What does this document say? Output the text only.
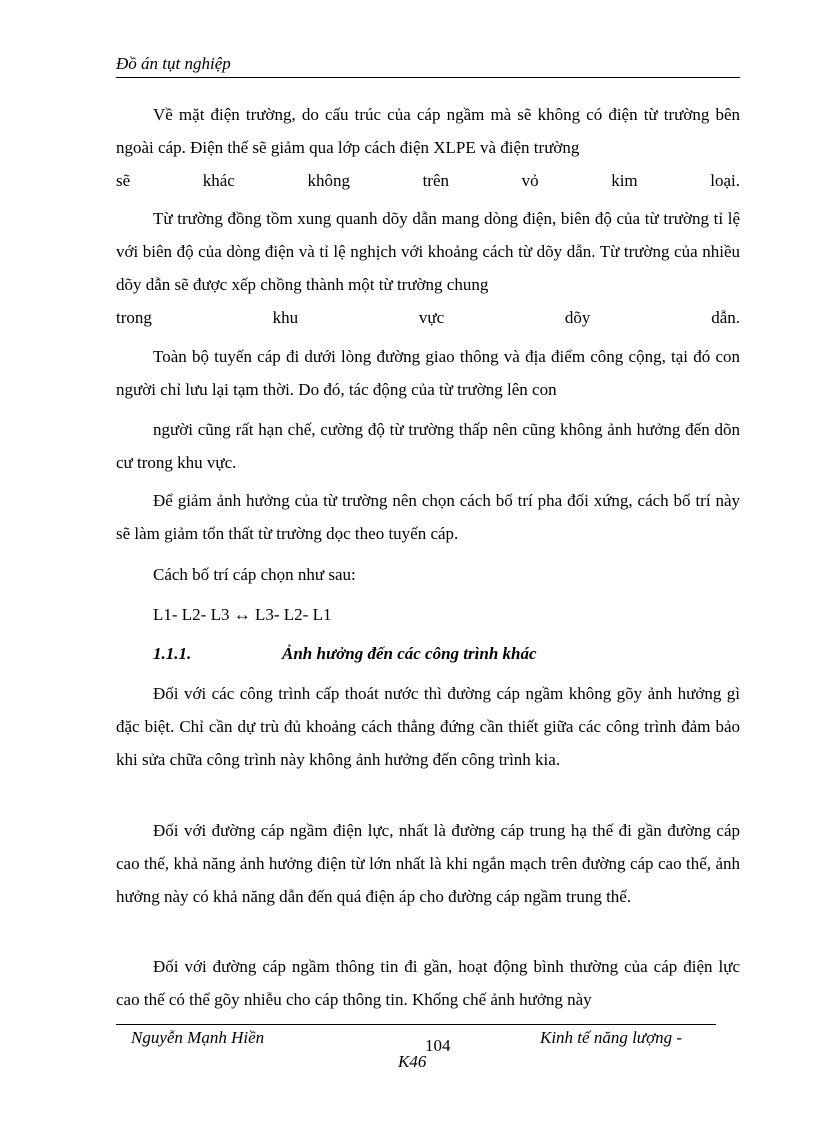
Đồ án tụt nghiệp
Về mặt điện trường, do cấu trúc của cáp ngầm mà sẽ không có điện từ trường bên ngoài cáp. Điện thế sẽ giảm qua lớp cách điện XLPE và điện trường
sẽ khác không trên vỏ kim loại.
Từ trường đồng tồm xung quanh dõy dẫn mang dòng điện, biên độ của từ trường tỉ lệ với biên độ của dòng điện và tỉ lệ nghịch với khoảng cách từ dõy dẫn. Từ trường của nhiều dõy dẫn sẽ được xếp chồng thành một từ trường chung
trong khu vực dõy dẫn.
Toàn bộ tuyến cáp đi dưới lòng đường giao thông và địa điểm công cộng, tại đó con người chỉ lưu lại tạm thời. Do đó, tác động của từ trường lên con
người cũng rất hạn chế, cường độ từ trường thấp nên cũng không ảnh hưởng đến dõn cư trong khu vực.
Để giảm ảnh hưởng của từ trường nên chọn cách bố trí pha đối xứng, cách bố trí này sẽ làm giảm tổn thất từ trường dọc theo tuyến cáp.
Cách bố trí cáp chọn như sau:
L1- L2- L3 ↔ L3- L2- L1
1.1.1.	Ảnh hưởng đến các công trình khác
Đối với các công trình cấp thoát nước thì đường cáp ngầm không gõy ảnh hưởng gì đặc biệt. Chỉ cần dự trù đủ khoảng cách thẳng đứng cần thiết giữa các công trình đảm bảo khi sửa chữa công trình này không ảnh hưởng đến công trình kia.
Đối với đường cáp ngầm điện lực, nhất là đường cáp trung hạ thế đi gần đường cáp cao thế, khả năng ảnh hưởng điện từ lớn nhất là khi ngắn mạch trên đường cáp cao thế, ảnh hưởng này có khả năng dẫn đến quá điện áp cho đường cáp ngầm trung thế.
Đối với đường cáp ngầm thông tin đi gần, hoạt động bình thường của cáp điện lực cao thế có thể gõy nhiễu cho cáp thông tin. Khống chế ảnh hưởng này
Nguyễn Mạnh Hiền	104	Kinh tế năng lượng -
K46
